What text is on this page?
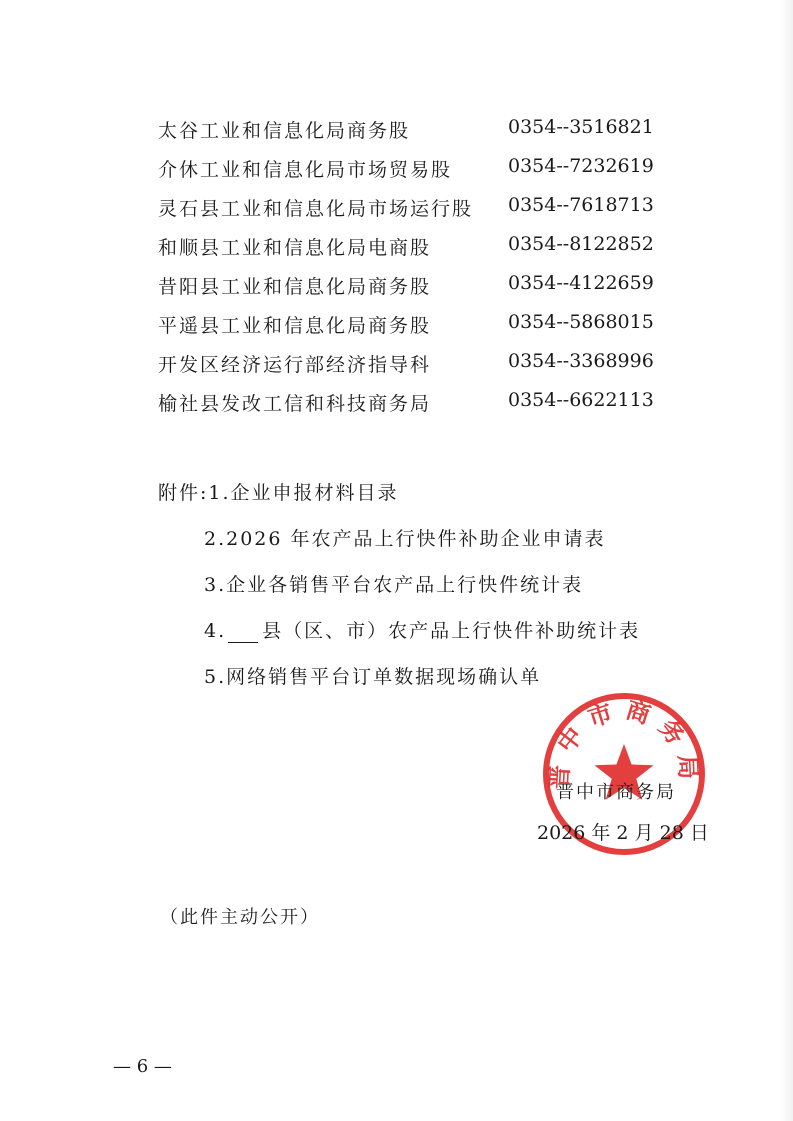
太谷工业和信息化局商务股	0354--3516821
介休工业和信息化局市场贸易股	0354--7232619
灵石县工业和信息化局市场运行股 0354--7618713
和顺县工业和信息化局电商股	0354--8122852
昔阳县工业和信息化局商务股	0354--4122659
平遥县工业和信息化局商务股	0354--5868015
开发区经济运行部经济指导科	0354--3368996
榆社县发改工信和科技商务局	0354--6622113
附件:1.企业申报材料目录
2.2026 年农产品上行快件补助企业申请表
3.企业各销售平台农产品上行快件统计表
4. 县（区、市）农产品上行快件补助统计表
5.网络销售平台订单数据现场确认单
晋中市商务局
晋中市商务局
2026 年 2 月 28 日
（此件主动公开）
— 6 —
